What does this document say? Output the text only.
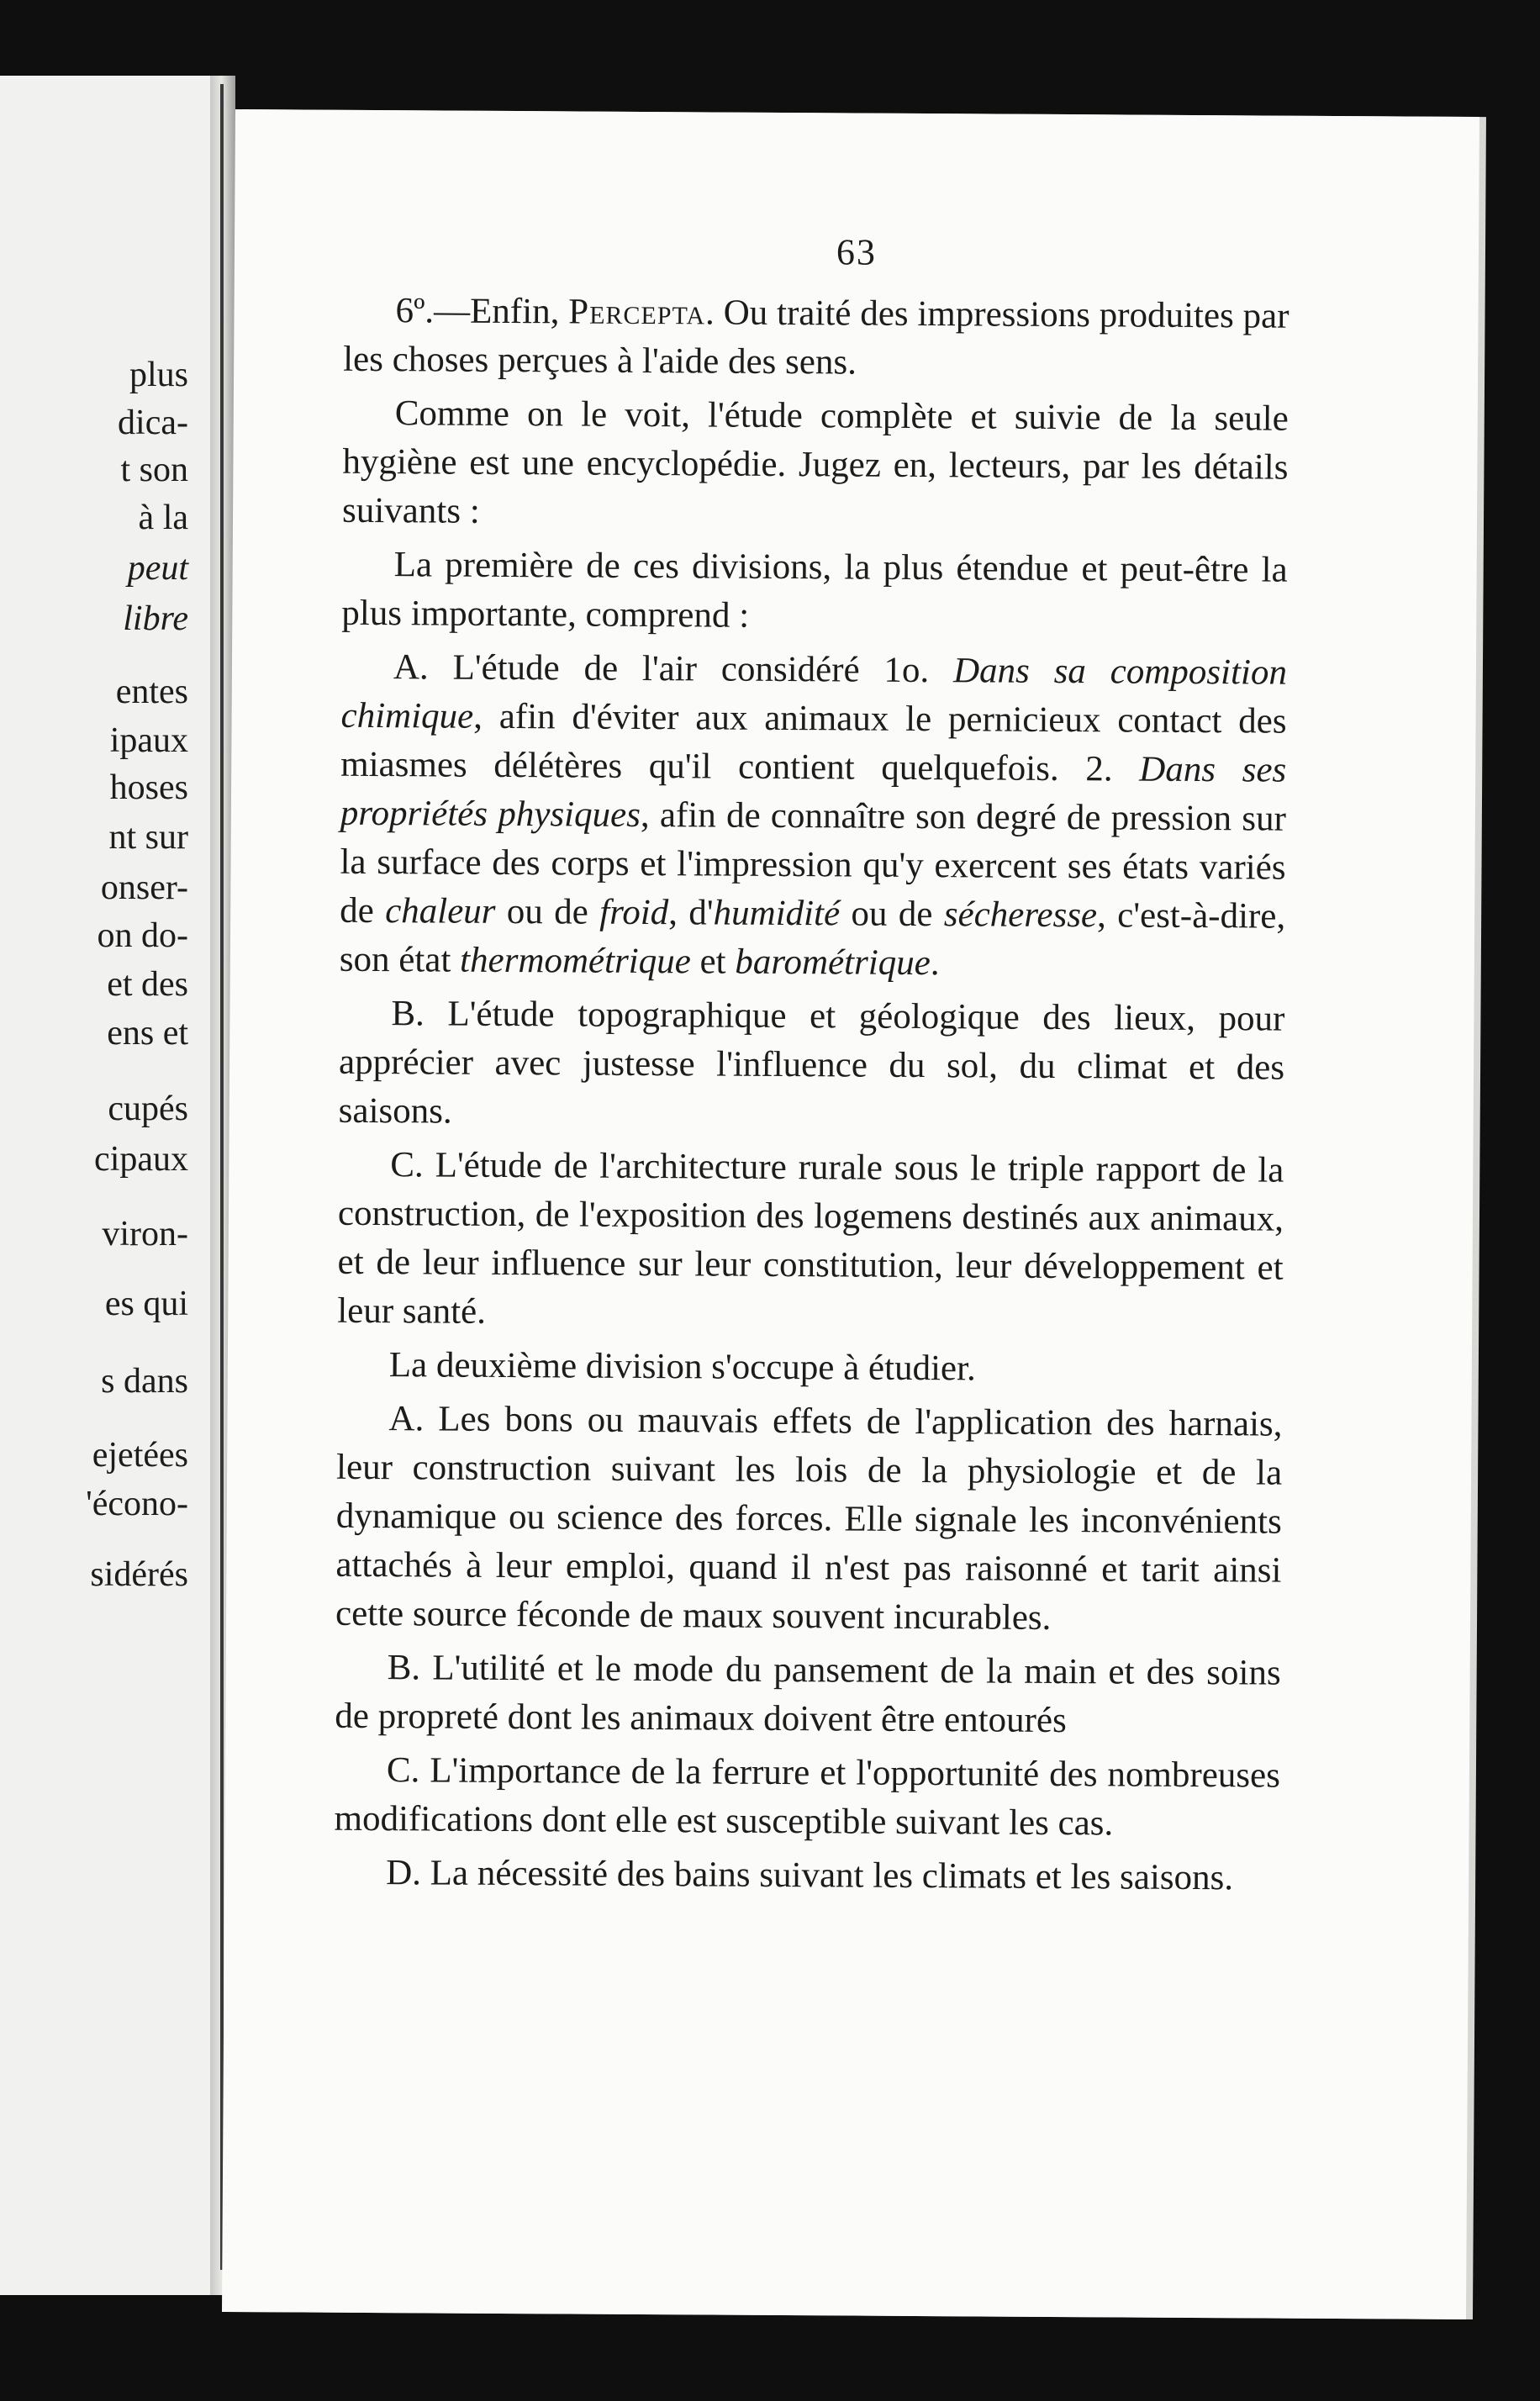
plus
dica-
t son
à la
peut
libre
entes
ipaux
hoses
nt sur
onser-
on do-
et des
ens et
cupés
cipaux
viron-
es qui
s dans
ejetées
'écono-
sidérés
63

6º.—Enfin, Percepta. Ou traité des impressions produites par les choses perçues à l'aide des sens.

Comme on le voit, l'étude complète et suivie de la seule hygiène est une encyclopédie. Jugez en, lecteurs, par les détails suivants :

La première de ces divisions, la plus étendue et peut-être la plus importante, comprend :

A. L'étude de l'air considéré 1o. Dans sa composition chimique, afin d'éviter aux animaux le pernicieux contact des miasmes délétères qu'il contient quelquefois. 2. Dans ses propriétés physiques, afin de connaître son degré de pression sur la surface des corps et l'impression qu'y exercent ses états variés de chaleur ou de froid, d'humidité ou de sécheresse, c'est-à-dire, son état thermométrique et barométrique.

B. L'étude topographique et géologique des lieux, pour apprécier avec justesse l'influence du sol, du climat et des saisons.

C. L'étude de l'architecture rurale sous le triple rapport de la construction, de l'exposition des logemens destinés aux animaux, et de leur influence sur leur constitution, leur développement et leur santé.

La deuxième division s'occupe à étudier.

A. Les bons ou mauvais effets de l'application des harnais, leur construction suivant les lois de la physiologie et de la dynamique ou science des forces. Elle signale les inconvénients attachés à leur emploi, quand il n'est pas raisonné et tarit ainsi cette source féconde de maux souvent incurables.

B. L'utilité et le mode du pansement de la main et des soins de propreté dont les animaux doivent être entourés

C. L'importance de la ferrure et l'opportunité des nombreuses modifications dont elle est susceptible suivant les cas.

D. La nécessité des bains suivant les climats et les saisons.
